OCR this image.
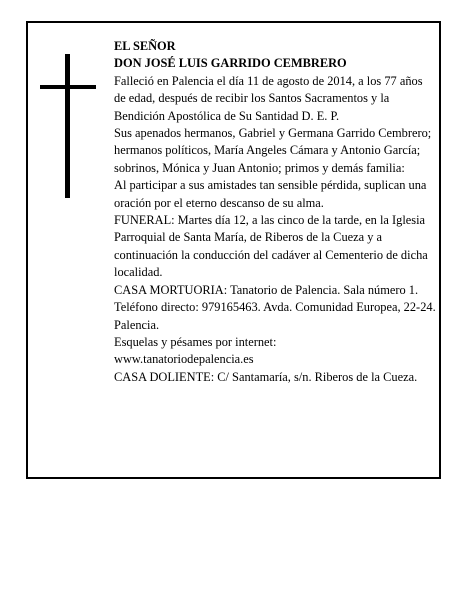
EL SEÑOR

DON JOSÉ LUIS GARRIDO CEMBRERO

Falleció en Palencia el día 11 de agosto de 2014, a los 77 años de edad, después de recibir los Santos Sacramentos y la Bendición Apostólica de Su Santidad D. E. P.

Sus apenados hermanos, Gabriel y Germana Garrido Cembrero; hermanos políticos, María Angeles Cámara y Antonio García; sobrinos, Mónica y Juan Antonio; primos y demás familia:

Al participar a sus amistades tan sensible pérdida, suplican una oración por el eterno descanso de su alma.

FUNERAL: Martes día 12, a las cinco de la tarde, en la Iglesia Parroquial de Santa María, de Riberos de la Cueza y a continuación la conducción del cadáver al Cementerio de dicha localidad.

CASA MORTUORIA: Tanatorio de Palencia. Sala número 1. Teléfono directo: 979165463. Avda. Comunidad Europea, 22-24. Palencia.

Esquelas y pésames por internet:

www.tanatoriodepalencia.es

CASA DOLIENTE: C/ Santamaría, s/n. Riberos de la Cueza.
